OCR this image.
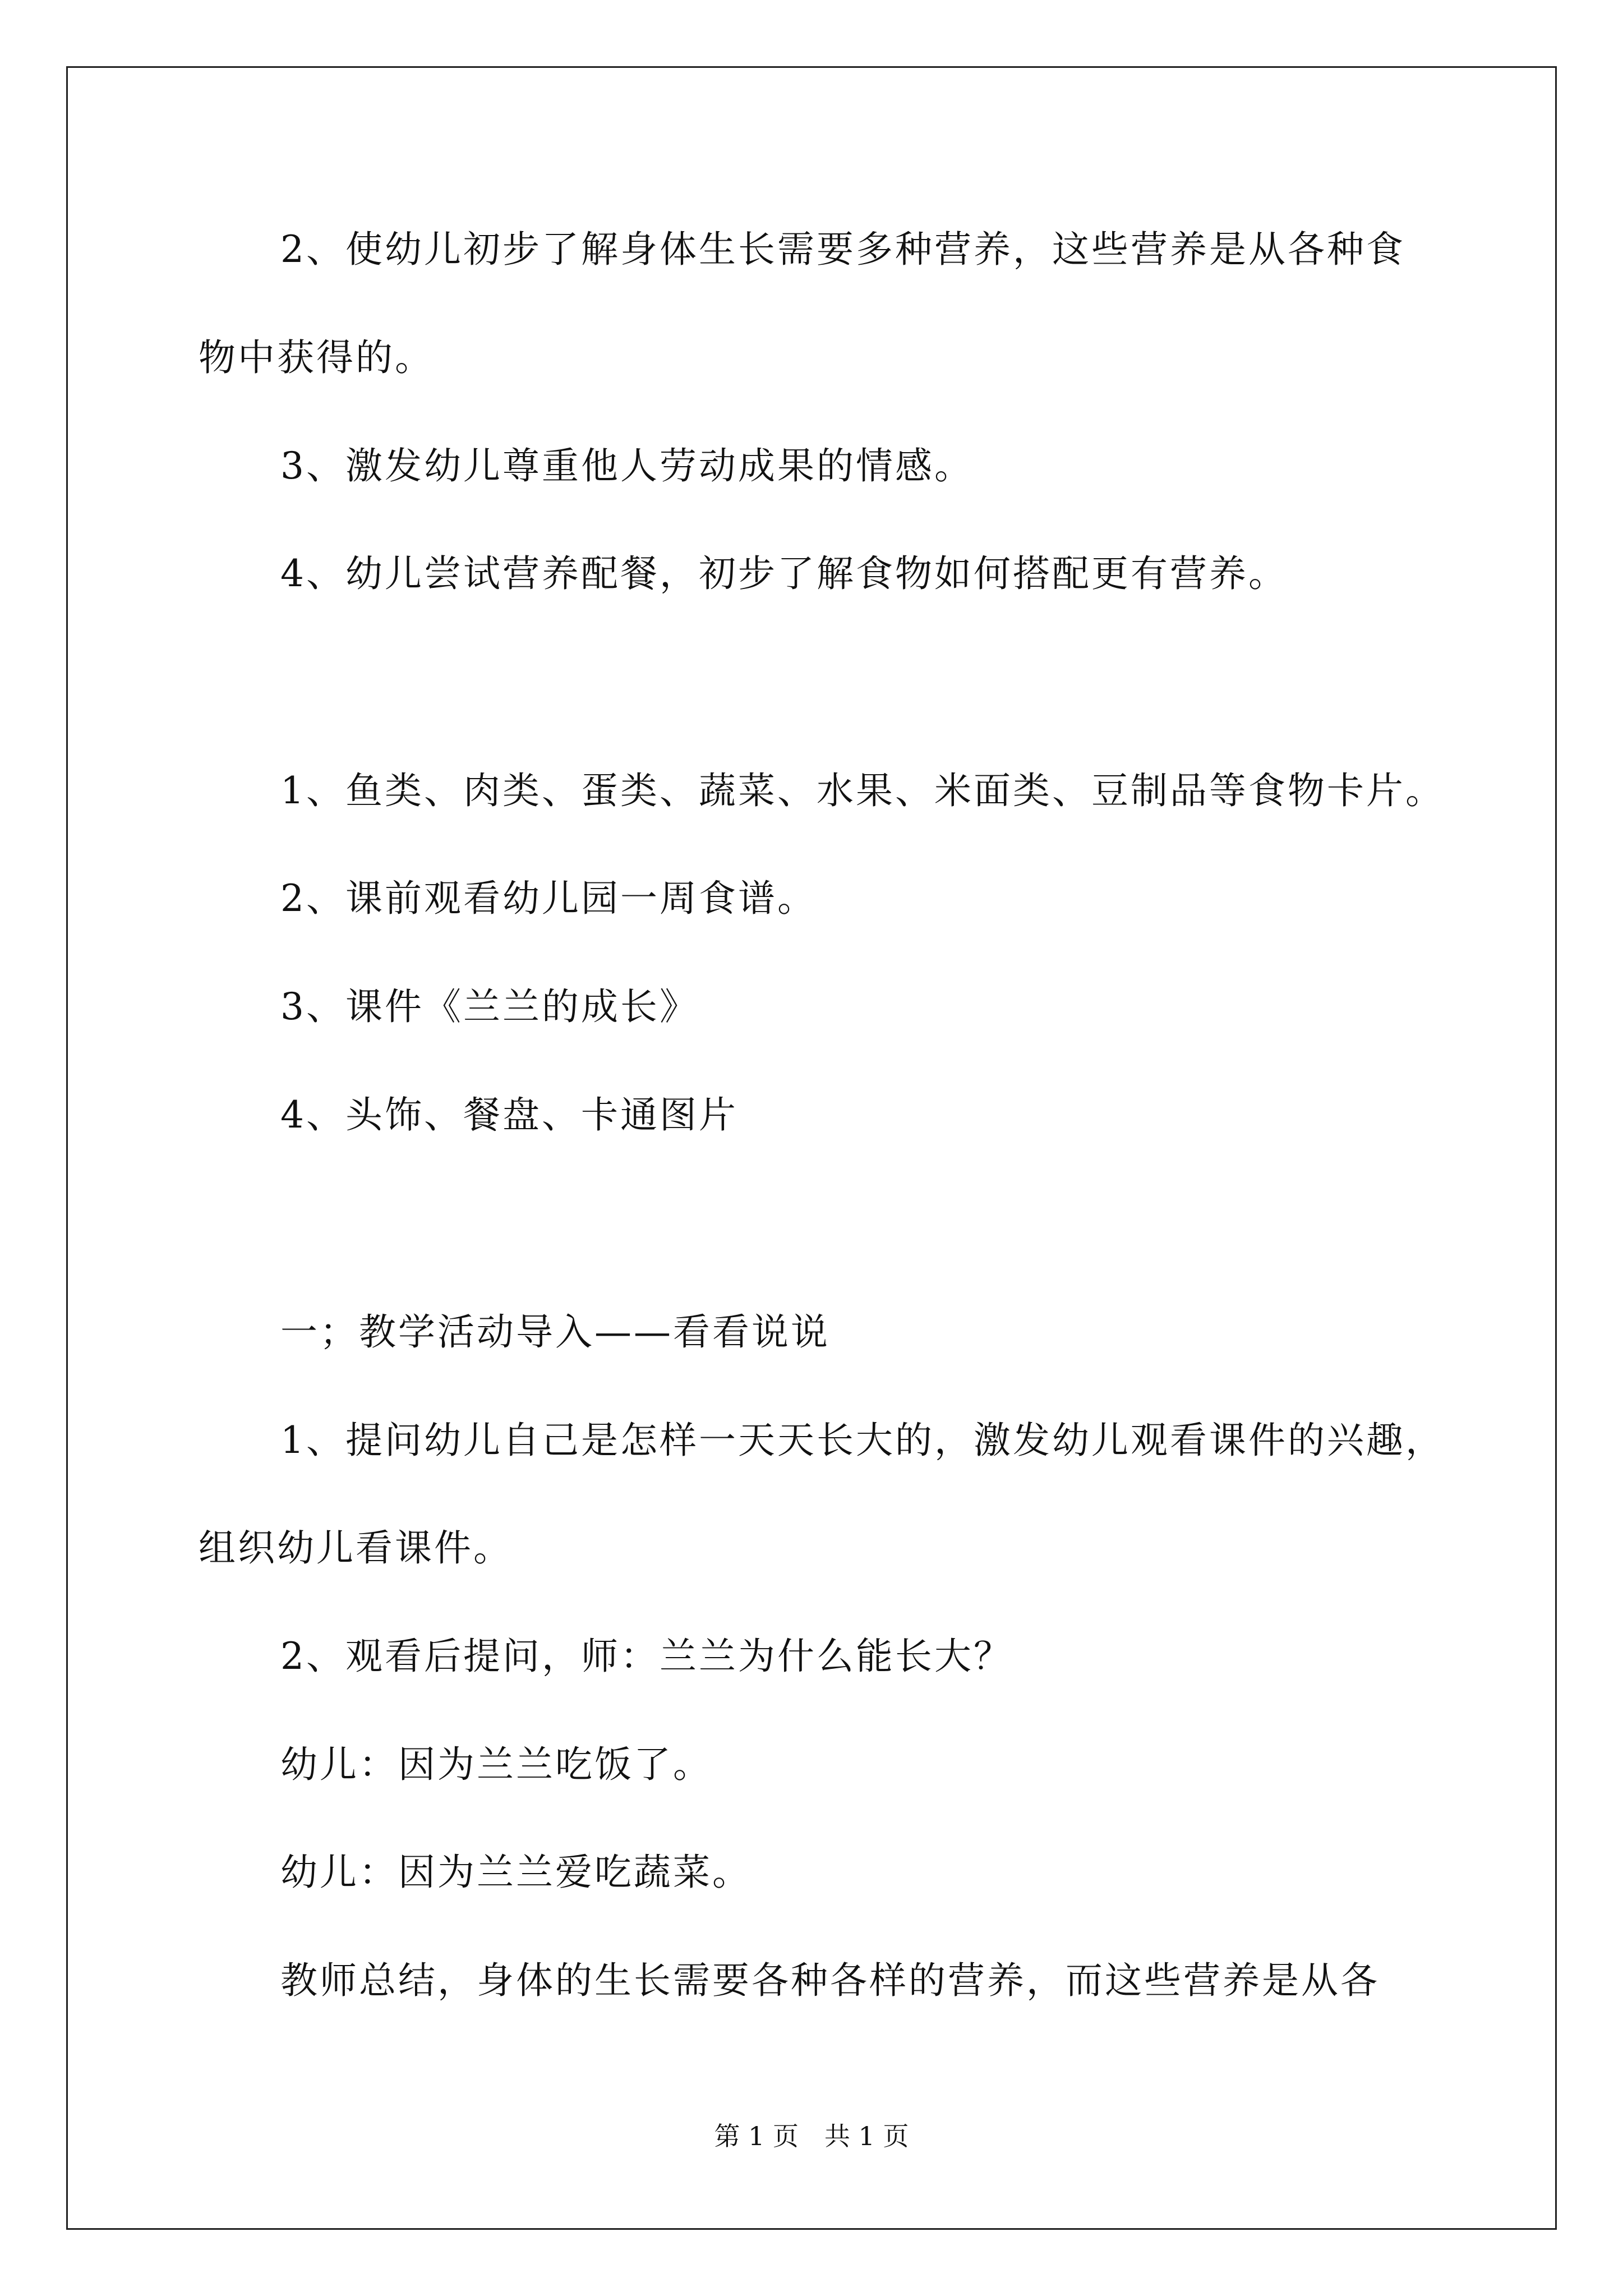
2、使幼儿初步了解身体生长需要多种营养，这些营养是从各种食
物中获得的。
3、激发幼儿尊重他人劳动成果的情感。
4、幼儿尝试营养配餐，初步了解食物如何搭配更有营养。
1、鱼类、肉类、蛋类、蔬菜、水果、米面类、豆制品等食物卡片。
2、课前观看幼儿园一周食谱。
3、课件《兰兰的成长》
4、头饰、餐盘、卡通图片
一；教学活动导入——看看说说
1、提问幼儿自己是怎样一天天长大的，激发幼儿观看课件的兴趣，
组织幼儿看课件。
2、观看后提问，师：兰兰为什么能长大？
幼儿：因为兰兰吃饭了。
幼儿：因为兰兰爱吃蔬菜。
教师总结，身体的生长需要各种各样的营养，而这些营养是从各
第 1 页　共 1 页
